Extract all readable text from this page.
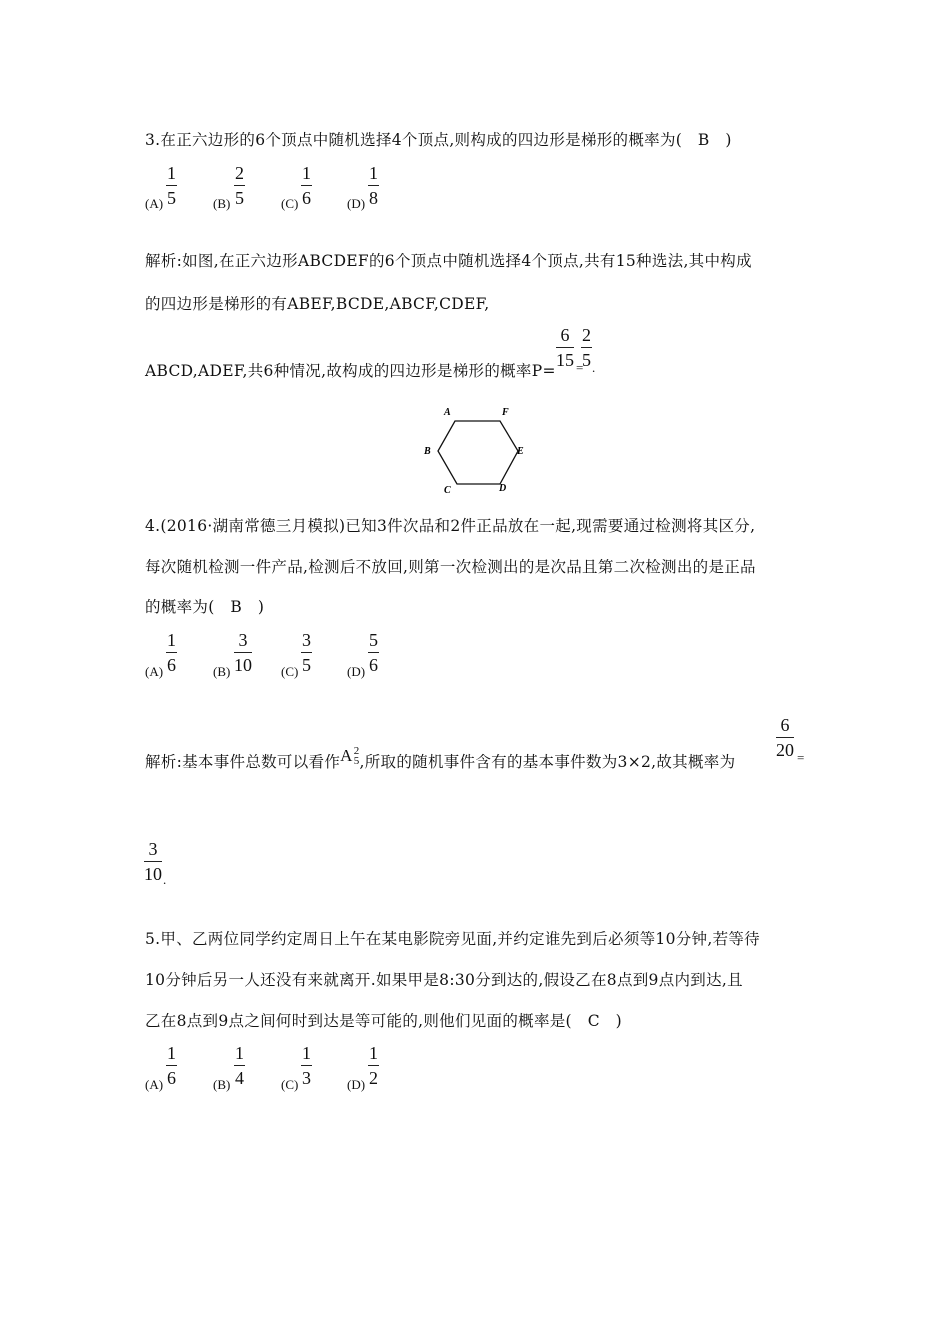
3.在正六边形的6个顶点中随机选择4个顶点,则构成的四边形是梯形的概率为(　B　)
$(A) \frac{1}{5}$	$(B) \frac{2}{5}$	$(C) \frac{1}{6}$	$(D) \frac{1}{8}$
解析:如图,在正六边形ABCDEF的6个顶点中随机选择4个顶点,共有15种选法,其中构成
的四边形是梯形的有ABEF,BCDE,ABCF,CDEF,
ABCD,ADEF,共6种情况,故构成的四边形是梯形的概率P=
$\frac{6}{15}$ =
$\frac{2}{5}$ .
A	F
B	E
C	D
4.(2016·湖南常德三月模拟)已知3件次品和2件正品放在一起,现需要通过检测将其区分,
每次随机检测一件产品,检测后不放回,则第一次检测出的是次品且第二次检测出的是正品
的概率为(　B　)
$(A) \frac{1}{6}$	$(B) \frac{3}{10} (C) \frac{3}{5}$	$(D) \frac{5}{6}$
解析:基本事件总数可以看作A 2
5 ,所取的随机事件含有的基本事件数为3×2,故其概率为
$\frac{6}{20}$ =
$\frac{3}{10}$ .
5.甲、乙两位同学约定周日上午在某电影院旁见面,并约定谁先到后必须等10分钟,若等待
10分钟后另一人还没有来就离开.如果甲是8:30分到达的,假设乙在8点到9点内到达,且
乙在8点到9点之间何时到达是等可能的,则他们见面的概率是(　C　)
$(A) \frac{1}{6}$	$(B) \frac{1}{4}$	$(C) \frac{1}{3}$	$(D) \frac{1}{2}$
